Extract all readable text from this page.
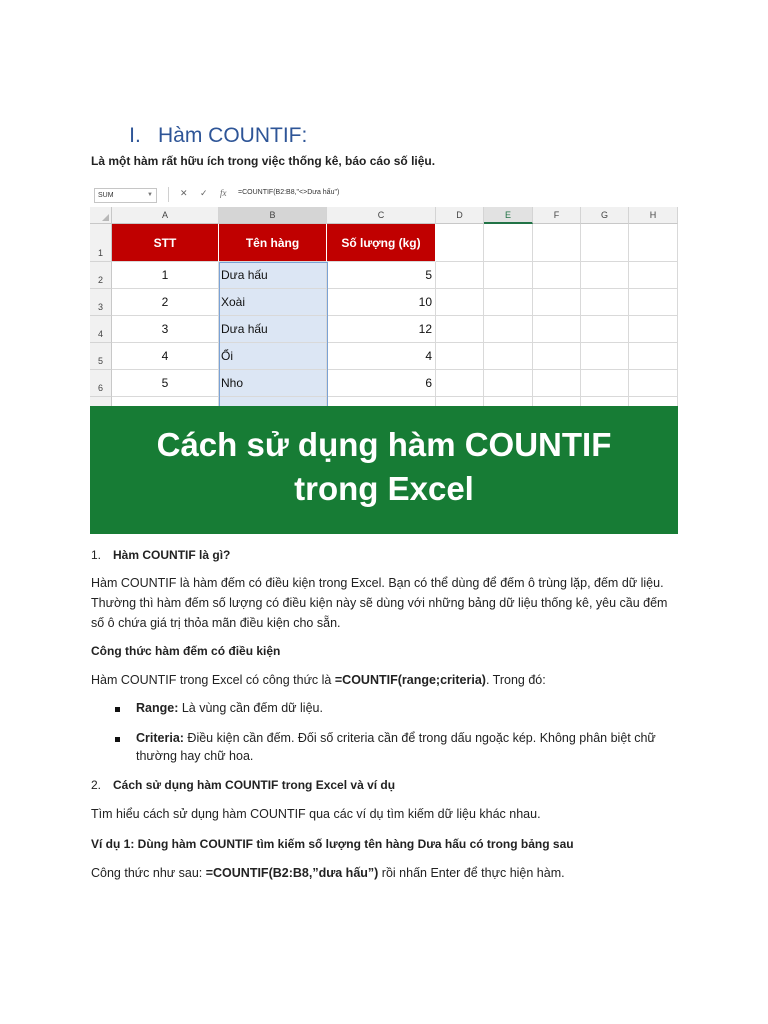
I. Hàm COUNTIF:
Là một hàm rất hữu ích trong việc thống kê, báo cáo số liệu.
SUM	▼	✕ ✓ fx =COUNTIF(B2:B8,"<>Dưa hấu")
A	B	C	D	E	F	G	H
1
2
3
4
5
6
STT	Tên hàng	Số lượng (kg)
1	Dưa hấu	5
2	Xoài	10
3	Dưa hấu	12
4	Ổi	4
5	Nho	6
Cách sử dụng hàm COUNTIF
trong Excel
1. Hàm COUNTIF là gì?
Hàm COUNTIF là hàm đếm có điều kiện trong Excel. Bạn có thể dùng để đếm ô trùng lặp, đếm dữ liệu.
Thường thì hàm đếm số lượng có điều kiện này sẽ dùng với những bảng dữ liệu thống kê, yêu cầu đếm
số ô chứa giá trị thỏa mãn điều kiện cho sẵn.
Công thức hàm đếm có điều kiện
Hàm COUNTIF trong Excel có công thức là =COUNTIF(range;criteria). Trong đó:
Range: Là vùng cần đếm dữ liệu.
Criteria: Điều kiện cần đếm. Đối số criteria cần để trong dấu ngoặc kép. Không phân biệt chữ
thường hay chữ hoa.
2. Cách sử dụng hàm COUNTIF trong Excel và ví dụ
Tìm hiểu cách sử dụng hàm COUNTIF qua các ví dụ tìm kiếm dữ liệu khác nhau.
Ví dụ 1: Dùng hàm COUNTIF tìm kiếm số lượng tên hàng Dưa hấu có trong bảng sau
Công thức như sau: =COUNTIF(B2:B8,”dưa hấu”) rồi nhấn Enter để thực hiện hàm.
